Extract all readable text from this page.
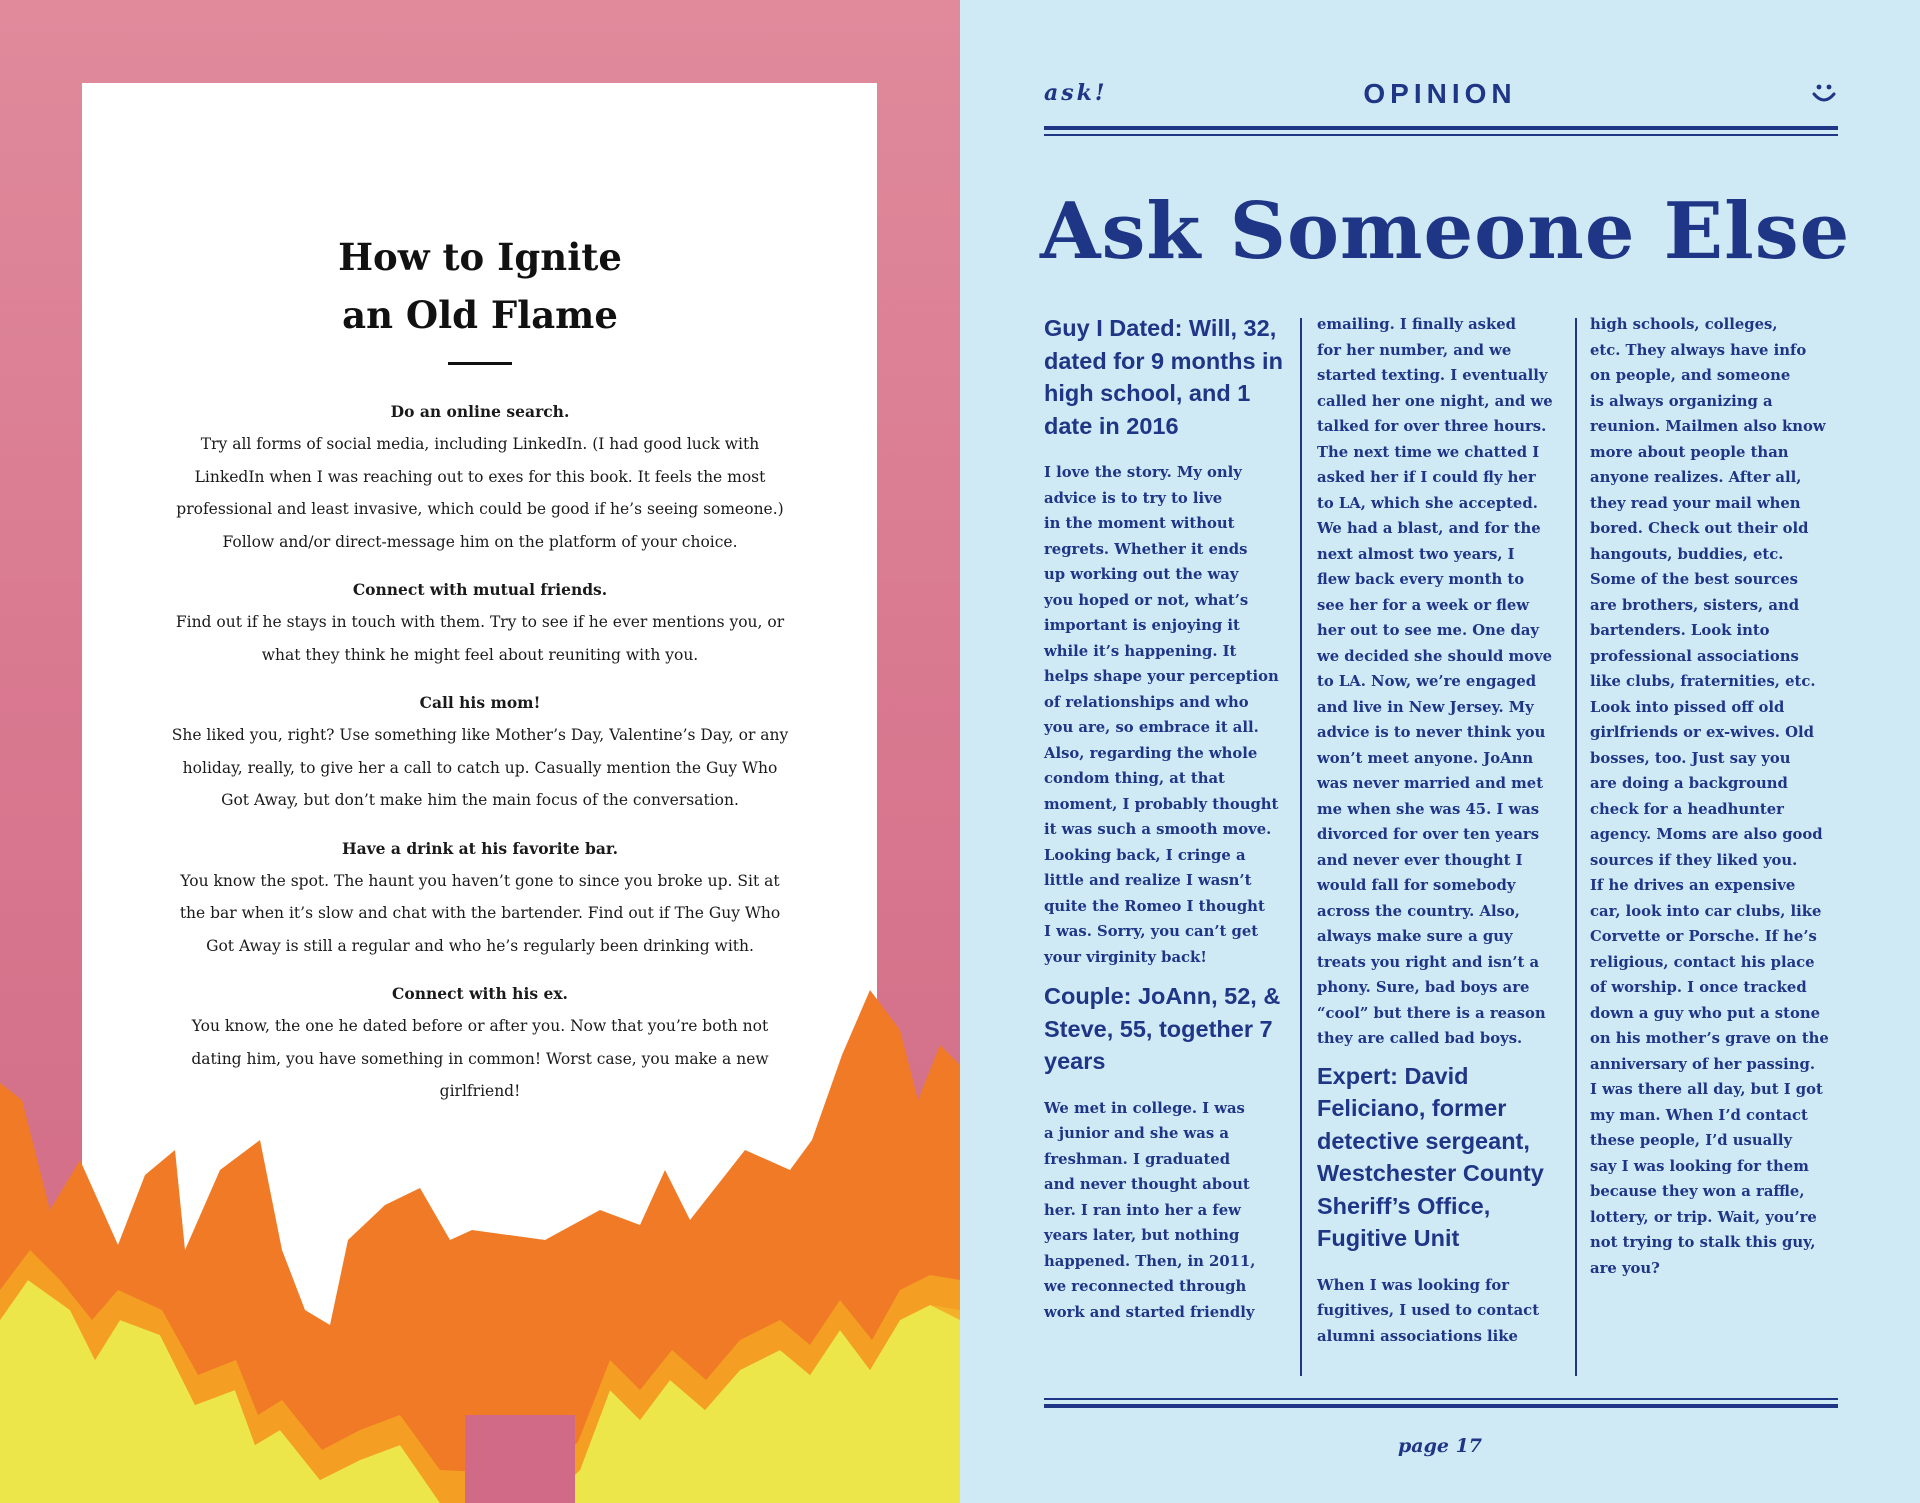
How to Ignite
an Old Flame
Do an online search.
Try all forms of social media, including LinkedIn. (I had good luck with LinkedIn when I was reaching out to exes for this book. It feels the most professional and least invasive, which could be good if he’s seeing someone.) Follow and/or direct-message him on the platform of your choice.
Connect with mutual friends.
Find out if he stays in touch with them. Try to see if he ever mentions you, or what they think he might feel about reuniting with you.
Call his mom!
She liked you, right? Use something like Mother’s Day, Valentine’s Day, or any holiday, really, to give her a call to catch up. Casually mention the Guy Who Got Away, but don’t make him the main focus of the conversation.
Have a drink at his favorite bar.
You know the spot. The haunt you haven’t gone to since you broke up. Sit at the bar when it’s slow and chat with the bartender. Find out if The Guy Who Got Away is still a regular and who he’s regularly been drinking with.
Connect with his ex.
You know, the one he dated before or after you. Now that you’re both not dating him, you have something in common! Worst case, you make a new girlfriend!
ask!	OPINION
Ask Someone Else
Guy I Dated: Will, 32, dated for 9 months in high school, and 1 date in 2016
I love the story. My only
advice is to try to live
in the moment without
regrets. Whether it ends
up working out the way
you hoped or not, what’s
important is enjoying it
while it’s happening. It
helps shape your perception
of relationships and who
you are, so embrace it all.
Also, regarding the whole
condom thing, at that
moment, I probably thought
it was such a smooth move.
Looking back, I cringe a
little and realize I wasn’t
quite the Romeo I thought
I was. Sorry, you can’t get
your virginity back!
Couple: JoAnn, 52, & Steve, 55, together 7 years
We met in college. I was
a junior and she was a
freshman. I graduated
and never thought about
her. I ran into her a few
years later, but nothing
happened. Then, in 2011,
we reconnected through
work and started friendly
emailing. I finally asked
for her number, and we
started texting. I eventually
called her one night, and we
talked for over three hours.
The next time we chatted I
asked her if I could fly her
to LA, which she accepted.
We had a blast, and for the
next almost two years, I
flew back every month to
see her for a week or flew
her out to see me. One day
we decided she should move
to LA. Now, we’re engaged
and live in New Jersey. My
advice is to never think you
won’t meet anyone. JoAnn
was never married and met
me when she was 45. I was
divorced for over ten years
and never ever thought I
would fall for somebody
across the country. Also,
always make sure a guy
treats you right and isn’t a
phony. Sure, bad boys are
“cool” but there is a reason
they are called bad boys.
Expert: David Feliciano, former detective sergeant, Westchester County Sheriff’s Office, Fugitive Unit
When I was looking for
fugitives, I used to contact
alumni associations like
high schools, colleges,
etc. They always have info
on people, and someone
is always organizing a
reunion. Mailmen also know
more about people than
anyone realizes. After all,
they read your mail when
bored. Check out their old
hangouts, buddies, etc.
Some of the best sources
are brothers, sisters, and
bartenders. Look into
professional associations
like clubs, fraternities, etc.
Look into pissed off old
girlfriends or ex-wives. Old
bosses, too. Just say you
are doing a background
check for a headhunter
agency. Moms are also good
sources if they liked you.
If he drives an expensive
car, look into car clubs, like
Corvette or Porsche. If he’s
religious, contact his place
of worship. I once tracked
down a guy who put a stone
on his mother’s grave on the
anniversary of her passing.
I was there all day, but I got
my man. When I’d contact
these people, I’d usually
say I was looking for them
because they won a raffle,
lottery, or trip. Wait, you’re
not trying to stalk this guy,
are you?
page 17
